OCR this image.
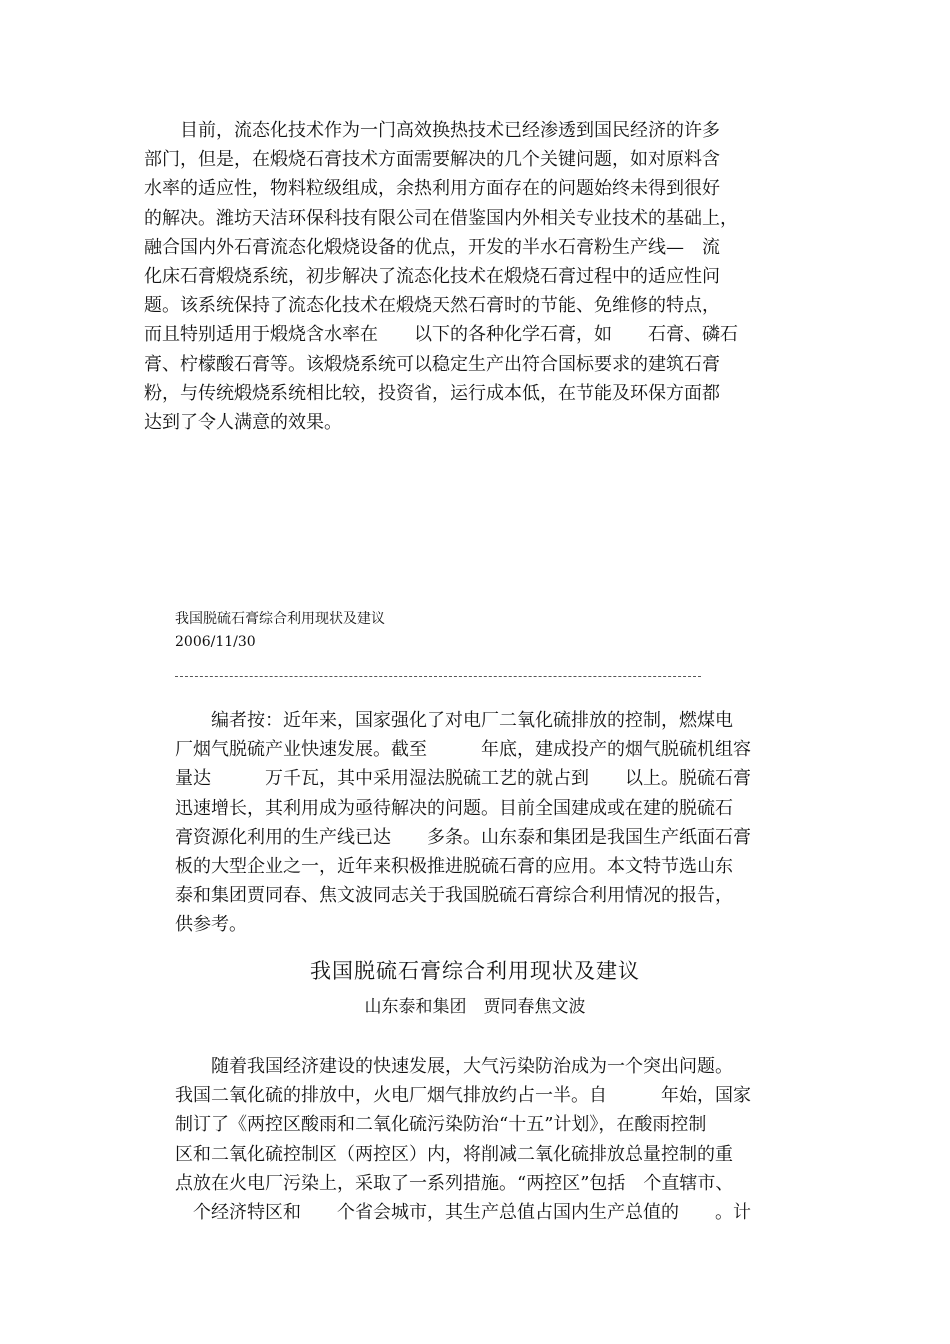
　　目前，流态化技术作为一门高效换热技术已经渗透到国民经济的许多
部门，但是，在煅烧石膏技术方面需要解决的几个关键问题，如对原料含
水率的适应性，物料粒级组成，余热利用方面存在的问题始终未得到很好
的解决。潍坊天洁环保科技有限公司在借鉴国内外相关专业技术的基础上，
融合国内外石膏流态化煅烧设备的优点，开发的半水石膏粉生产线—　流
化床石膏煅烧系统，初步解决了流态化技术在煅烧石膏过程中的适应性问
题。该系统保持了流态化技术在煅烧天然石膏时的节能、免维修的特点，
而且特别适用于煅烧含水率在　　以下的各种化学石膏，如　　石膏、磷石
膏、柠檬酸石膏等。该煅烧系统可以稳定生产出符合国标要求的建筑石膏
粉，与传统煅烧系统相比较，投资省，运行成本低，在节能及环保方面都
达到了令人满意的效果。
我国脱硫石膏综合利用现状及建议
2006/11/30
　　编者按：近年来，国家强化了对电厂二氧化硫排放的控制，燃煤电
厂烟气脱硫产业快速发展。截至　　　年底，建成投产的烟气脱硫机组容
量达　　　万千瓦，其中采用湿法脱硫工艺的就占到　　以上。脱硫石膏
迅速增长，其利用成为亟待解决的问题。目前全国建成或在建的脱硫石
膏资源化利用的生产线已达　　多条。山东泰和集团是我国生产纸面石膏
板的大型企业之一，近年来积极推进脱硫石膏的应用。本文特节选山东
泰和集团贾同春、焦文波同志关于我国脱硫石膏综合利用情况的报告，
供参考。
我国脱硫石膏综合利用现状及建议
山东泰和集团　贾同春焦文波
　　随着我国经济建设的快速发展，大气污染防治成为一个突出问题。
我国二氧化硫的排放中，火电厂烟气排放约占一半。自　　　年始，国家
制订了《两控区酸雨和二氧化硫污染防治“十五”计划》，在酸雨控制
区和二氧化硫控制区（两控区）内，将削减二氧化硫排放总量控制的重
点放在火电厂污染上，采取了一系列措施。“两控区”包括　个直辖市、
　个经济特区和　　个省会城市，其生产总值占国内生产总值的　　。计
